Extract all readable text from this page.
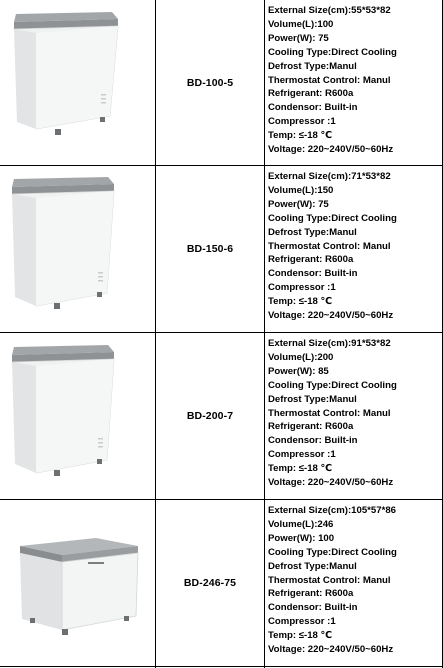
BD-100-5
External Size(cm):55*53*82
Volume(L):100
Power(W): 75
Cooling Type:Direct Cooling
Defrost Type:Manul
Thermostat Control: Manul
Refrigerant: R600a
Condensor: Built-in
Compressor :1
Temp: ≤-18 ℃
Voltage: 220~240V/50~60Hz
BD-150-6
External Size(cm):71*53*82
Volume(L):150
Power(W): 75
Cooling Type:Direct Cooling
Defrost Type:Manul
Thermostat Control: Manul
Refrigerant: R600a
Condensor: Built-in
Compressor :1
Temp: ≤-18 ℃
Voltage: 220~240V/50~60Hz
BD-200-7
External Size(cm):91*53*82
Volume(L):200
Power(W): 85
Cooling Type:Direct Cooling
Defrost Type:Manul
Thermostat Control: Manul
Refrigerant: R600a
Condensor: Built-in
Compressor :1
Temp: ≤-18 ℃
Voltage: 220~240V/50~60Hz
BD-246-75
External Size(cm):105*57*86
Volume(L):246
Power(W): 100
Cooling Type:Direct Cooling
Defrost Type:Manul
Thermostat Control: Manul
Refrigerant: R600a
Condensor: Built-in
Compressor :1
Temp: ≤-18 ℃
Voltage: 220~240V/50~60Hz
